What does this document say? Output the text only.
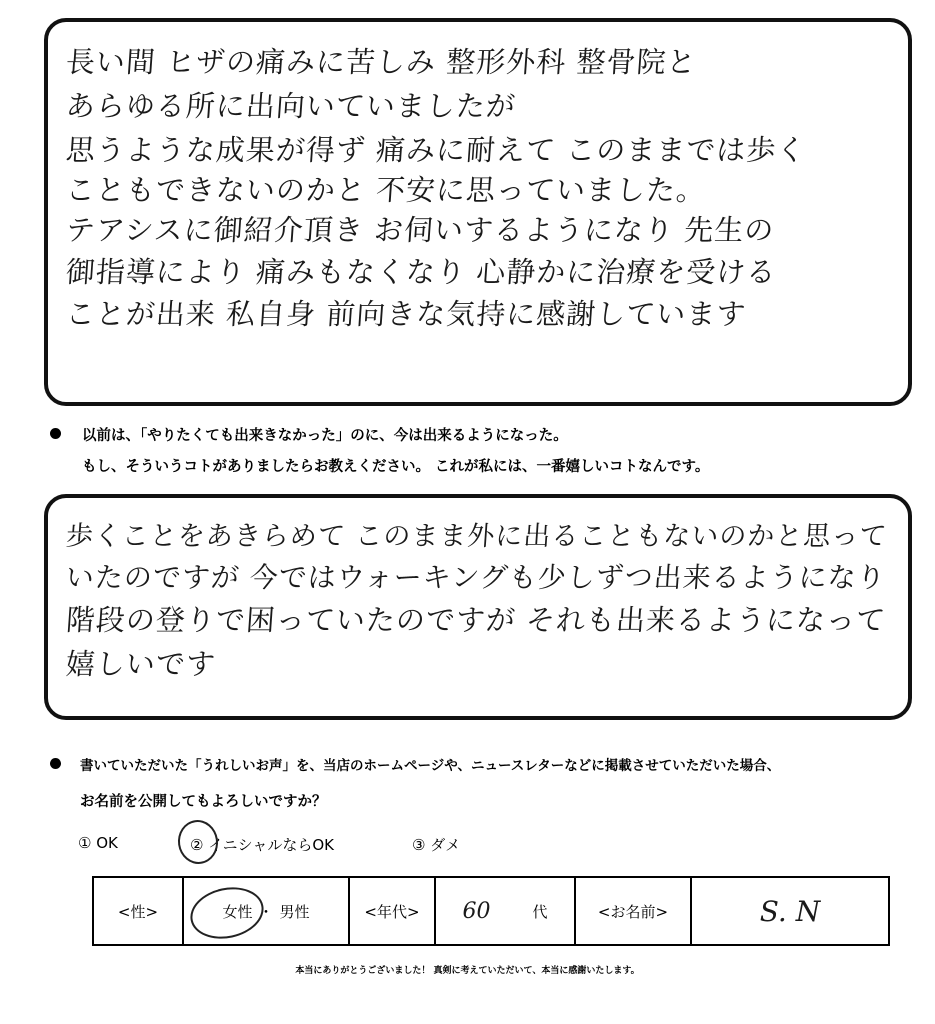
長い間 ヒザの痛みに苦しみ 整形外科 整骨院と
あらゆる所に出向いていましたが
思うような成果が得ず 痛みに耐えて このままでは歩く
こともできないのかと 不安に思っていました。
テアシスに御紹介頂き お伺いするようになり 先生の
御指導により 痛みもなくなり 心静かに治療を受ける
ことが出来 私自身 前向きな気持に感謝しています
以前は、「やりたくても出来きなかった」のに、今は出来るようになった。
もし、そういうコトがありましたらお教えください。 これが私には、一番嬉しいコトなんです。
歩くことをあきらめて このまま外に出ることもないのかと思って
いたのですが 今ではウォーキングも少しずつ出来るようになり
階段の登りで困っていたのですが それも出来るようになって
嬉しいです
書いていただいた「うれしいお声」を、当店のホームページや、ニュースレターなどに掲載させていただいた場合、
お名前を公開してもよろしいですか？
① OK	② イニシャルならOK	③ ダメ
<性>	女性 ・ 男性	<年代> 60	代	<お名前>	S. N
本当にありがとうございました！ 真剣に考えていただいて、本当に感謝いたします。
